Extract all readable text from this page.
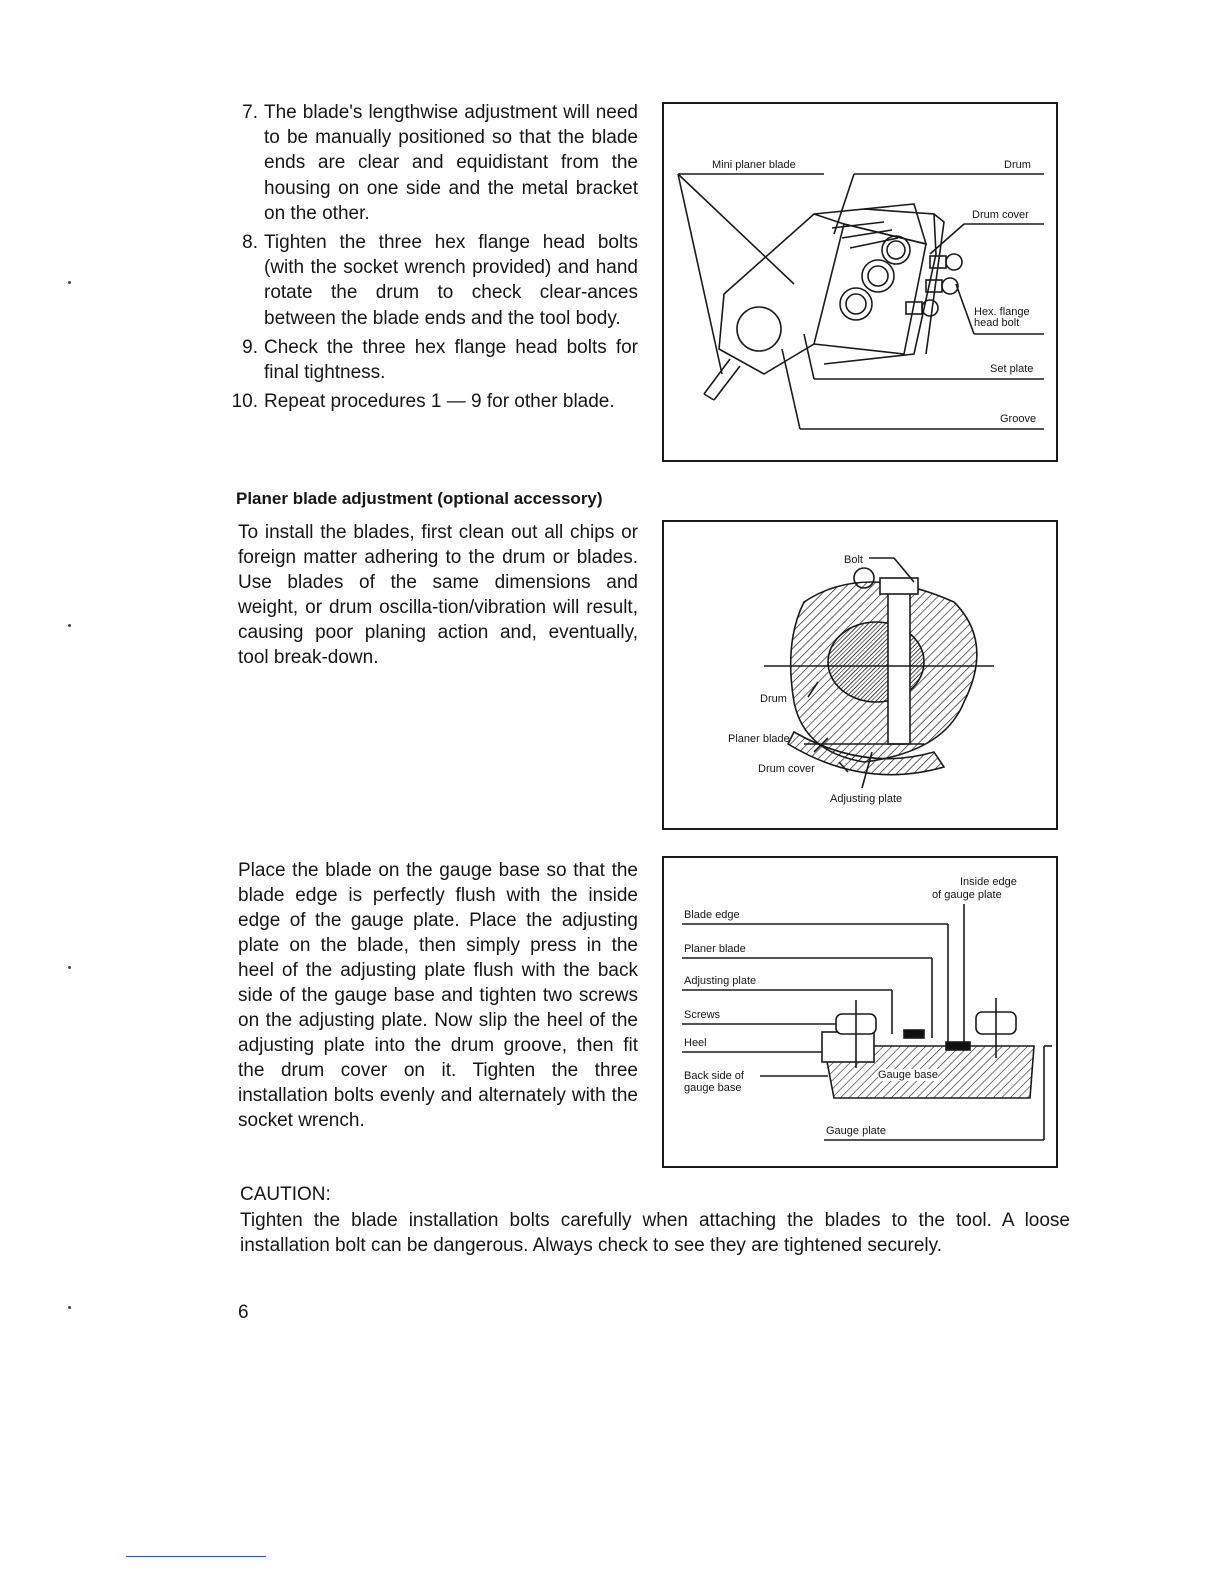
7. The blade's lengthwise adjustment will need to be manually positioned so that the blade ends are clear and equidistant from the housing on one side and the metal bracket on the other.
8. Tighten the three hex flange head bolts (with the socket wrench provided) and hand rotate the drum to check clear-ances between the blade ends and the tool body.
9. Check the three hex flange head bolts for final tightness.
10. Repeat procedures 1 — 9 for other blade.
Mini planer blade	Drum
Drum cover
Hex. flange
head bolt
Set plate
Groove
Planer blade adjustment (optional accessory)
To install the blades, first clean out all chips or foreign matter adhering to the drum or blades. Use blades of the same dimensions and weight, or drum oscilla-tion/vibration will result, causing poor planing action and, eventually, tool break-down.
Bolt
Drum
Planer blade
Drum cover
Adjusting plate
Place the blade on the gauge base so that the blade edge is perfectly flush with the inside edge of the gauge plate. Place the adjusting plate on the blade, then simply press in the heel of the adjusting plate flush with the back side of the gauge base and tighten two screws on the adjusting plate. Now slip the heel of the adjusting plate into the drum groove, then fit the drum cover on it. Tighten the three installation bolts evenly and alternately with the socket wrench.
Inside edge
of gauge plate
Blade edge
Planer blade
Adjusting plate
Screws
Heel
Back side of
gauge base
Gauge base
Gauge plate
CAUTION:
Tighten the blade installation bolts carefully when attaching the blades to the tool. A loose installation bolt can be dangerous. Always check to see they are tightened securely.
6
